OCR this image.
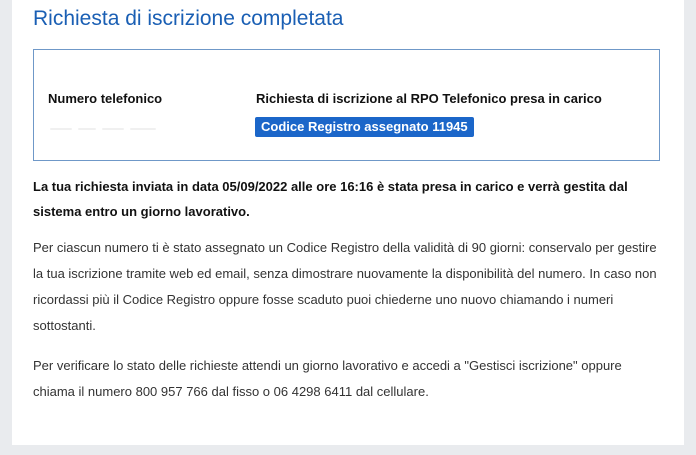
Richiesta di iscrizione completata
Numero telefonico	Richiesta di iscrizione al RPO Telefonico presa in carico
Codice Registro assegnato 11945

La tua richiesta inviata in data 05/09/2022 alle ore 16:16 è stata presa in carico e verrà gestita dal sistema entro un giorno lavorativo.

Per ciascun numero ti è stato assegnato un Codice Registro della validità di 90 giorni: conservalo per gestire la tua iscrizione tramite web ed email, senza dimostrare nuovamente la disponibilità del numero. In caso non ricordassi più il Codice Registro oppure fosse scaduto puoi chiederne uno nuovo chiamando i numeri sottostanti.

Per verificare lo stato delle richieste attendi un giorno lavorativo e accedi a "Gestisci iscrizione" oppure chiama il numero 800 957 766 dal fisso o 06 4298 6411 dal cellulare.
